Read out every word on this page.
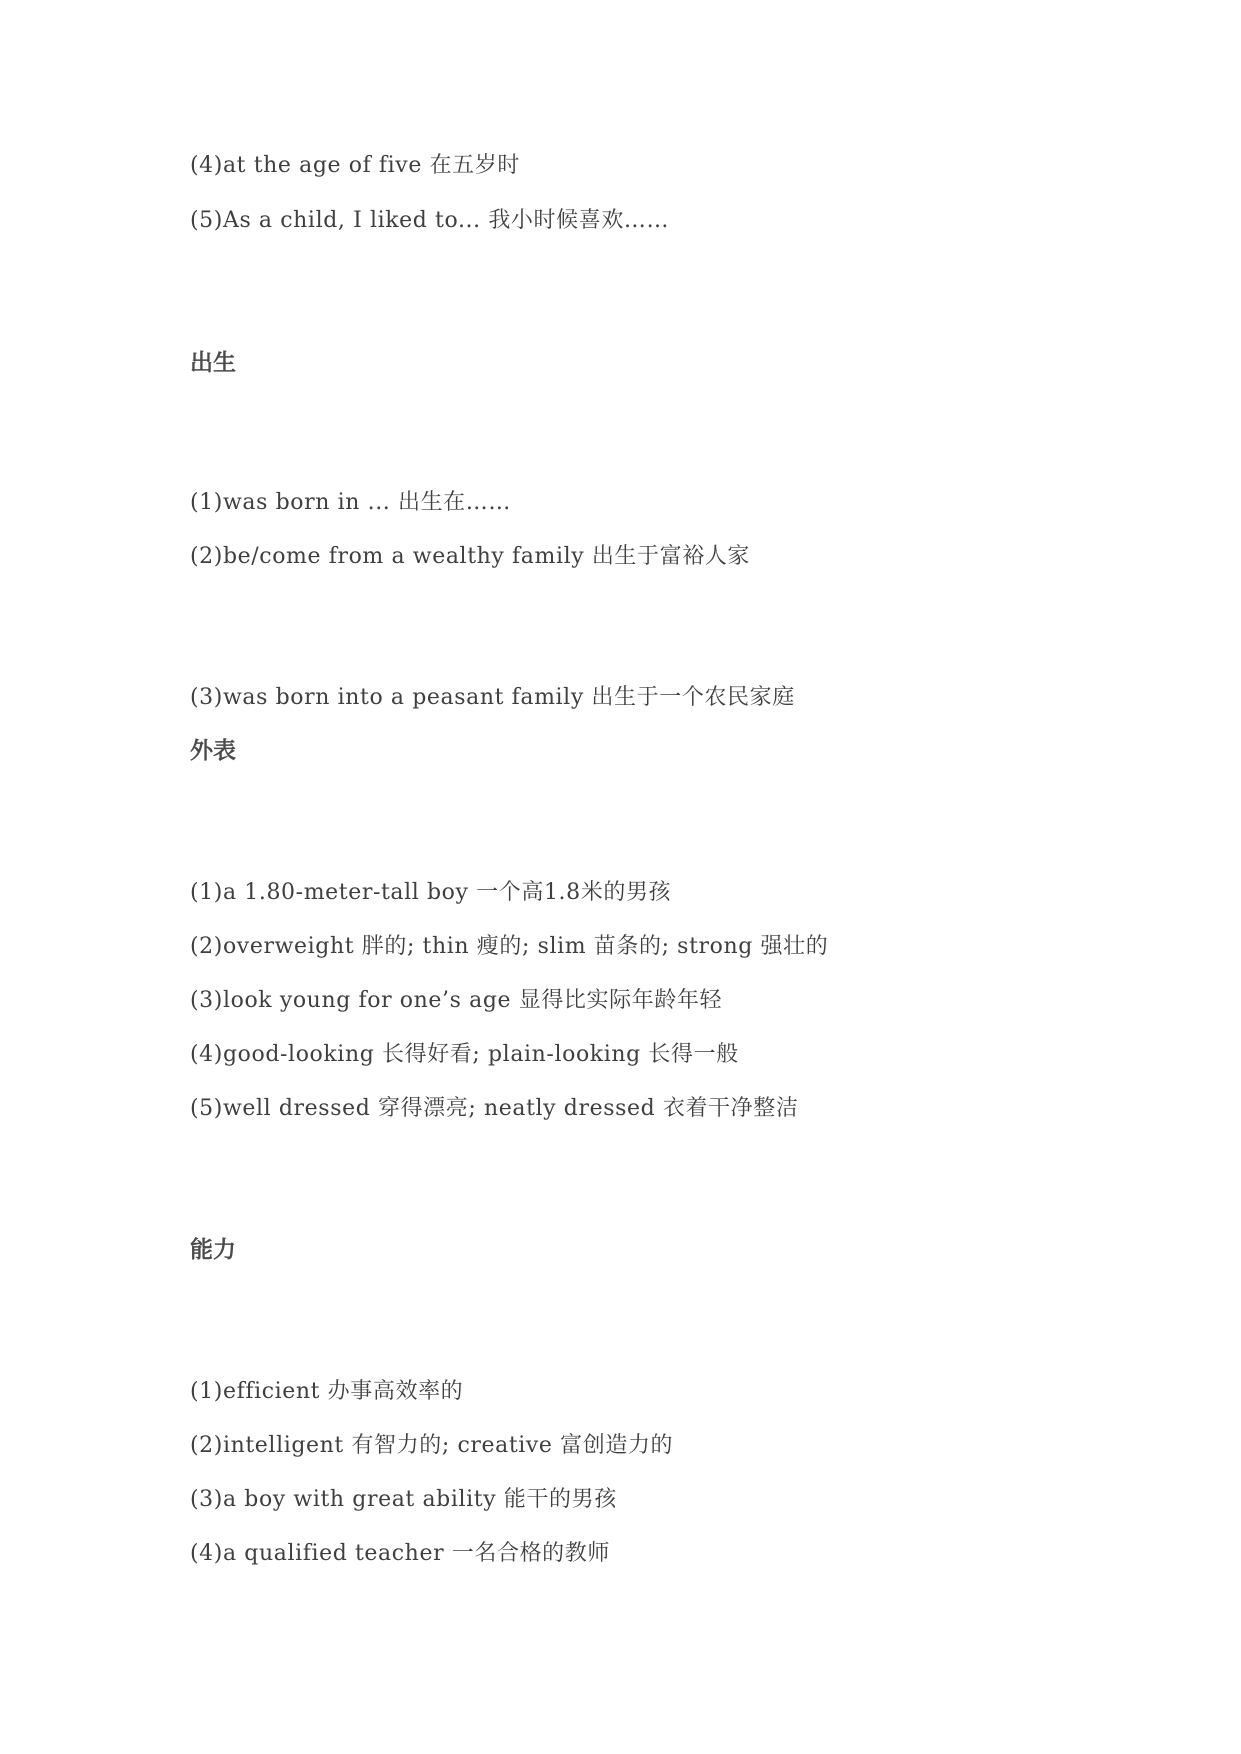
(4)at the age of five 在五岁时
(5)As a child, I liked to... 我小时候喜欢……
出生
(1)was born in ... 出生在……
(2)be/come from a wealthy family 出生于富裕人家
(3)was born into a peasant family 出生于一个农民家庭
外表
(1)a 1.80-meter-tall boy 一个高1.8米的男孩
(2)overweight 胖的; thin 瘦的; slim 苗条的; strong 强壮的
(3)look young for one’s age 显得比实际年龄年轻
(4)good-looking 长得好看; plain-looking 长得一般
(5)well dressed 穿得漂亮; neatly dressed 衣着干净整洁
能力
(1)efficient 办事高效率的
(2)intelligent 有智力的; creative 富创造力的
(3)a boy with great ability 能干的男孩
(4)a qualified teacher 一名合格的教师
